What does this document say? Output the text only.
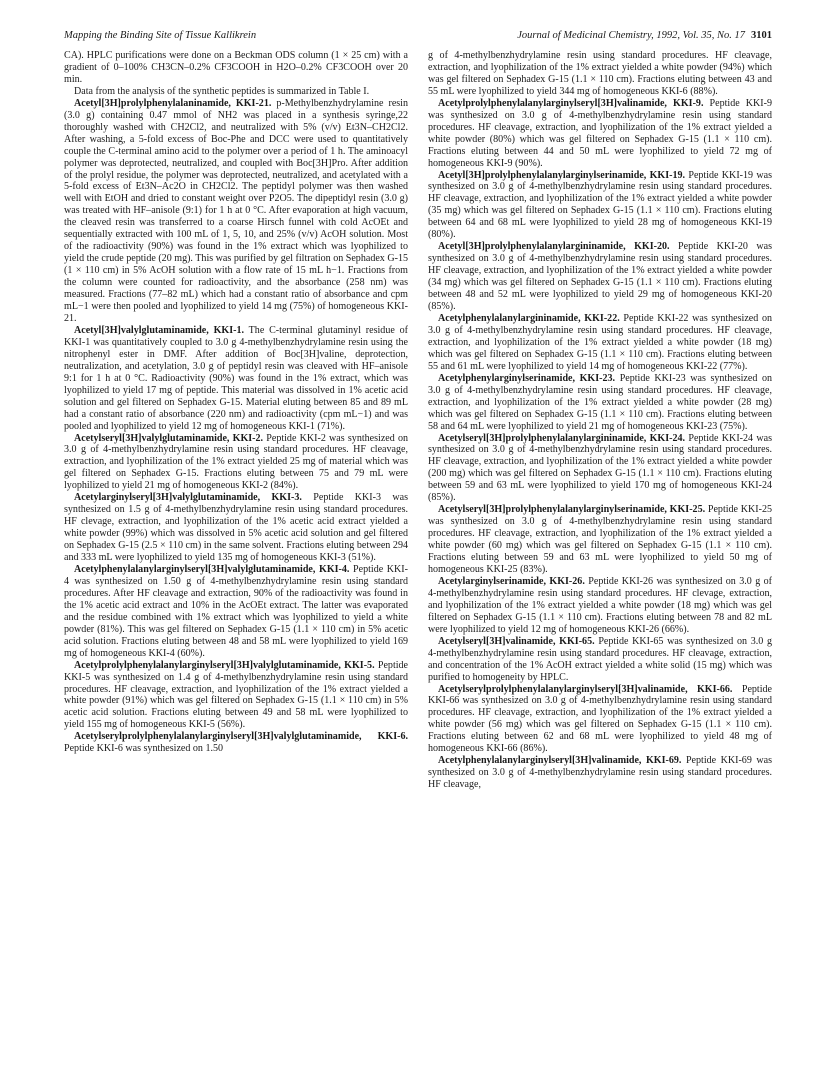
Mapping the Binding Site of Tissue Kallikrein	Journal of Medicinal Chemistry, 1992, Vol. 35, No. 17 3101

CA). HPLC purifications were done on a Beckman ODS column (1 × 25 cm) with a gradient of 0–100% CH3CN–0.2% CF3COOH in H2O–0.2% CF3COOH over 20 min.

Data from the analysis of the synthetic peptides is summarized in Table I.

Acetyl[3H]prolylphenylalaninamide, KKI-21. p-Methylbenzhydrylamine resin (3.0 g) containing 0.47 mmol of NH2 was placed in a synthesis syringe,22 thoroughly washed with CH2Cl2, and neutralized with 5% (v/v) Et3N–CH2Cl2. After washing, a 5-fold excess of Boc-Phe and DCC were used to quantitatively couple the C-terminal amino acid to the polymer over a period of 1 h. The aminoacyl polymer was deprotected, neutralized, and coupled with Boc[3H]Pro. After addition of the prolyl residue, the polymer was deprotected, neutralized, and acetylated with a 5-fold excess of Et3N–Ac2O in CH2Cl2. The peptidyl polymer was then washed well with EtOH and dried to constant weight over P2O5. The dipeptidyl resin (3.0 g) was treated with HF–anisole (9:1) for 1 h at 0 °C. After evaporation at high vacuum, the cleaved resin was transferred to a coarse Hirsch funnel with cold AcOEt and sequentially extracted with 100 mL of 1, 5, 10, and 25% (v/v) AcOH solution. Most of the radioactivity (90%) was found in the 1% extract which was lyophilized to yield the crude peptide (20 mg). This was purified by gel filtration on Sephadex G-15 (1 × 110 cm) in 5% AcOH solution with a flow rate of 15 mL h−1. Fractions from the column were counted for radioactivity, and the absorbance (258 nm) was measured. Fractions (77–82 mL) which had a constant ratio of absorbance and cpm mL−1 were then pooled and lyophilized to yield 14 mg (75%) of homogeneous KKI-21.

Acetyl[3H]valylglutaminamide, KKI-1. The C-terminal glutaminyl residue of KKI-1 was quantitatively coupled to 3.0 g 4-methylbenzhydrylamine resin using the nitrophenyl ester in DMF. After addition of Boc[3H]valine, deprotection, neutralization, and acetylation, 3.0 g of peptidyl resin was cleaved with HF–anisole 9:1 for 1 h at 0 °C. Radioactivity (90%) was found in the 1% extract, which was lyophilized to yield 17 mg of peptide. This material was dissolved in 1% acetic acid solution and gel filtered on Sephadex G-15. Material eluting between 85 and 89 mL had a constant ratio of absorbance (220 nm) and radioactivity (cpm mL−1) and was pooled and lyophilized to yield 12 mg of homogeneous KKI-1 (71%).

Acetylseryl[3H]valylglutaminamide, KKI-2. Peptide KKI-2 was synthesized on 3.0 g of 4-methylbenzhydrylamine resin using standard procedures. HF cleavage, extraction, and lyophilization of the 1% extract yielded 25 mg of material which was gel filtered on Sephadex G-15. Fractions eluting between 75 and 79 mL were lyophilized to yield 21 mg of homogeneous KKI-2 (84%).

Acetylarginylseryl[3H]valylglutaminamide, KKI-3. Peptide KKI-3 was synthesized on 1.5 g of 4-methylbenzhydrylamine resin using standard procedures. HF clevage, extraction, and lyophilization of the 1% acetic acid extract yielded a white powder (99%) which was dissolved in 5% acetic acid solution and gel filtered on Sephadex G-15 (2.5 × 110 cm) in the same solvent. Fractions eluting between 294 and 333 mL were lyophilized to yield 135 mg of homogeneous KKI-3 (51%).

Acetylphenylalanylarginylseryl[3H]valylglutaminamide, KKI-4. Peptide KKI-4 was synthesized on 1.50 g of 4-methylbenzhydrylamine resin using standard procedures. After HF cleavage and extraction, 90% of the radioactivity was found in the 1% acetic acid extract and 10% in the AcOEt extract. The latter was evaporated and the residue combined with 1% extract which was lyophilized to yield a white powder (81%). This was gel filtered on Sephadex G-15 (1.1 × 110 cm) in 5% acetic acid solution. Fractions eluting between 48 and 58 mL were lyophilized to yield 169 mg of homogeneous KKI-4 (60%).

Acetylprolylphenylalanylarginylseryl[3H]valylglutaminamide, KKI-5. Peptide KKI-5 was synthesized on 1.4 g of 4-methylbenzhydrylamine resin using standard procedures. HF cleavage, extraction, and lyophilization of the 1% extract yielded a white powder (91%) which was gel filtered on Sephadex G-15 (1.1 × 110 cm) in 5% acetic acid solution. Fractions eluting between 49 and 58 mL were lyophilized to yield 155 mg of homogeneous KKI-5 (56%).

Acetylserylprolylphenylalanylarginylseryl[3H]valylglutaminamide, KKI-6. Peptide KKI-6 was synthesized on 1.50

g of 4-methylbenzhydrylamine resin using standard procedures. HF cleavage, extraction, and lyophilization of the 1% extract yielded a white powder (94%) which was gel filtered on Sephadex G-15 (1.1 × 110 cm). Fractions eluting between 43 and 55 mL were lyophilized to yield 344 mg of homogeneous KKI-6 (88%).

Acetylprolylphenylalanylarginylseryl[3H]valinamide, KKI-9. Peptide KKI-9 was synthesized on 3.0 g of 4-methylbenzhydrylamine resin using standard procedures. HF cleavage, extraction, and lyophilization of the 1% extract yielded a white powder (80%) which was gel filtered on Sephadex G-15 (1.1 × 110 cm). Fractions eluting between 44 and 50 mL were lyophilized to yield 72 mg of homogeneous KKI-9 (90%).

Acetyl[3H]prolylphenylalanylarginylserinamide, KKI-19. Peptide KKI-19 was synthesized on 3.0 g of 4-methylbenzhydrylamine resin using standard procedures. HF cleavage, extraction, and lyophilization of the 1% extract yielded a white powder (35 mg) which was gel filtered on Sephadex G-15 (1.1 × 110 cm). Fractions eluting between 64 and 68 mL were lyophilized to yield 28 mg of homogeneous KKI-19 (80%).

Acetyl[3H]prolylphenylalanylargininamide, KKI-20. Peptide KKI-20 was synthesized on 3.0 g of 4-methylbenzhydrylamine resin using standard procedures. HF cleavage, extraction, and lyophilization of the 1% extract yielded a white powder (34 mg) which was gel filtered on Sephadex G-15 (1.1 × 110 cm). Fractions eluting between 48 and 52 mL were lyophilized to yield 29 mg of homogeneous KKI-20 (85%).

Acetylphenylalanylargininamide, KKI-22. Peptide KKI-22 was synthesized on 3.0 g of 4-methylbenzhydrylamine resin using standard procedures. HF cleavage, extraction, and lyophilization of the 1% extract yielded a white powder (18 mg) which was gel filtered on Sephadex G-15 (1.1 × 110 cm). Fractions eluting between 55 and 61 mL were lyophilized to yield 14 mg of homogeneous KKI-22 (77%).

Acetylphenylarginylserinamide, KKI-23. Peptide KKI-23 was synthesized on 3.0 g of 4-methylbenzhydrylamine resin using standard procedures. HF cleavage, extraction, and lyophilization of the 1% extract yielded a white powder (28 mg) which was gel filtered on Sephadex G-15 (1.1 × 110 cm). Fractions eluting between 58 and 64 mL were lyophilized to yield 21 mg of homogeneous KKI-23 (75%).

Acetylseryl[3H]prolylphenylalanylargininamide, KKI-24. Peptide KKI-24 was synthesized on 3.0 g of 4-methylbenzhydrylamine resin using standard procedures. HF cleavage, extraction, and lyophilization of the 1% extract yielded a white powder (200 mg) which was gel filtered on Sephadex G-15 (1.1 × 110 cm). Fractions eluting between 59 and 63 mL were lyophilized to yield 170 mg of homogeneous KKI-24 (85%).

Acetylseryl[3H]prolylphenylalanylarginylserinamide, KKI-25. Peptide KKI-25 was synthesized on 3.0 g of 4-methylbenzhydrylamine resin using standard procedures. HF cleavage, extraction, and lyophilization of the 1% extract yielded a white powder (60 mg) which was gel filtered on Sephadex G-15 (1.1 × 110 cm). Fractions eluting between 59 and 63 mL were lyophilized to yield 50 mg of homogeneous KKI-25 (83%).

Acetylarginylserinamide, KKI-26. Peptide KKI-26 was synthesized on 3.0 g of 4-methylbenzhydrylamine resin using standard procedures. HF clevage, extraction, and lyophilization of the 1% extract yielded a white powder (18 mg) which was gel filtered on Sephadex G-15 (1.1 × 110 cm). Fractions eluting between 78 and 82 mL were lyophilized to yield 12 mg of homogeneous KKI-26 (66%).

Acetylseryl[3H]valinamide, KKI-65. Peptide KKI-65 was synthesized on 3.0 g 4-methylbenzhydrylamine resin using standard procedures. HF cleavage, extraction, and concentration of the 1% AcOH extract yielded a white solid (15 mg) which was purified to homogeneity by HPLC.

Acetylserylprolylphenylalanylarginylseryl[3H]valinamide, KKI-66. Peptide KKI-66 was synthesized on 3.0 g of 4-methylbenzhydrylamine resin using standard procedures. HF cleavage, extraction, and lyophilization of the 1% extract yielded a white powder (56 mg) which was gel filtered on Sephadex G-15 (1.1 × 110 cm). Fractions eluting between 62 and 68 mL were lyophilized to yield 48 mg of homogeneous KKI-66 (86%).

Acetylphenylalanylarginylseryl[3H]valinamide, KKI-69. Peptide KKI-69 was synthesized on 3.0 g of 4-methylbenzhydrylamine resin using standard procedures. HF cleavage,
